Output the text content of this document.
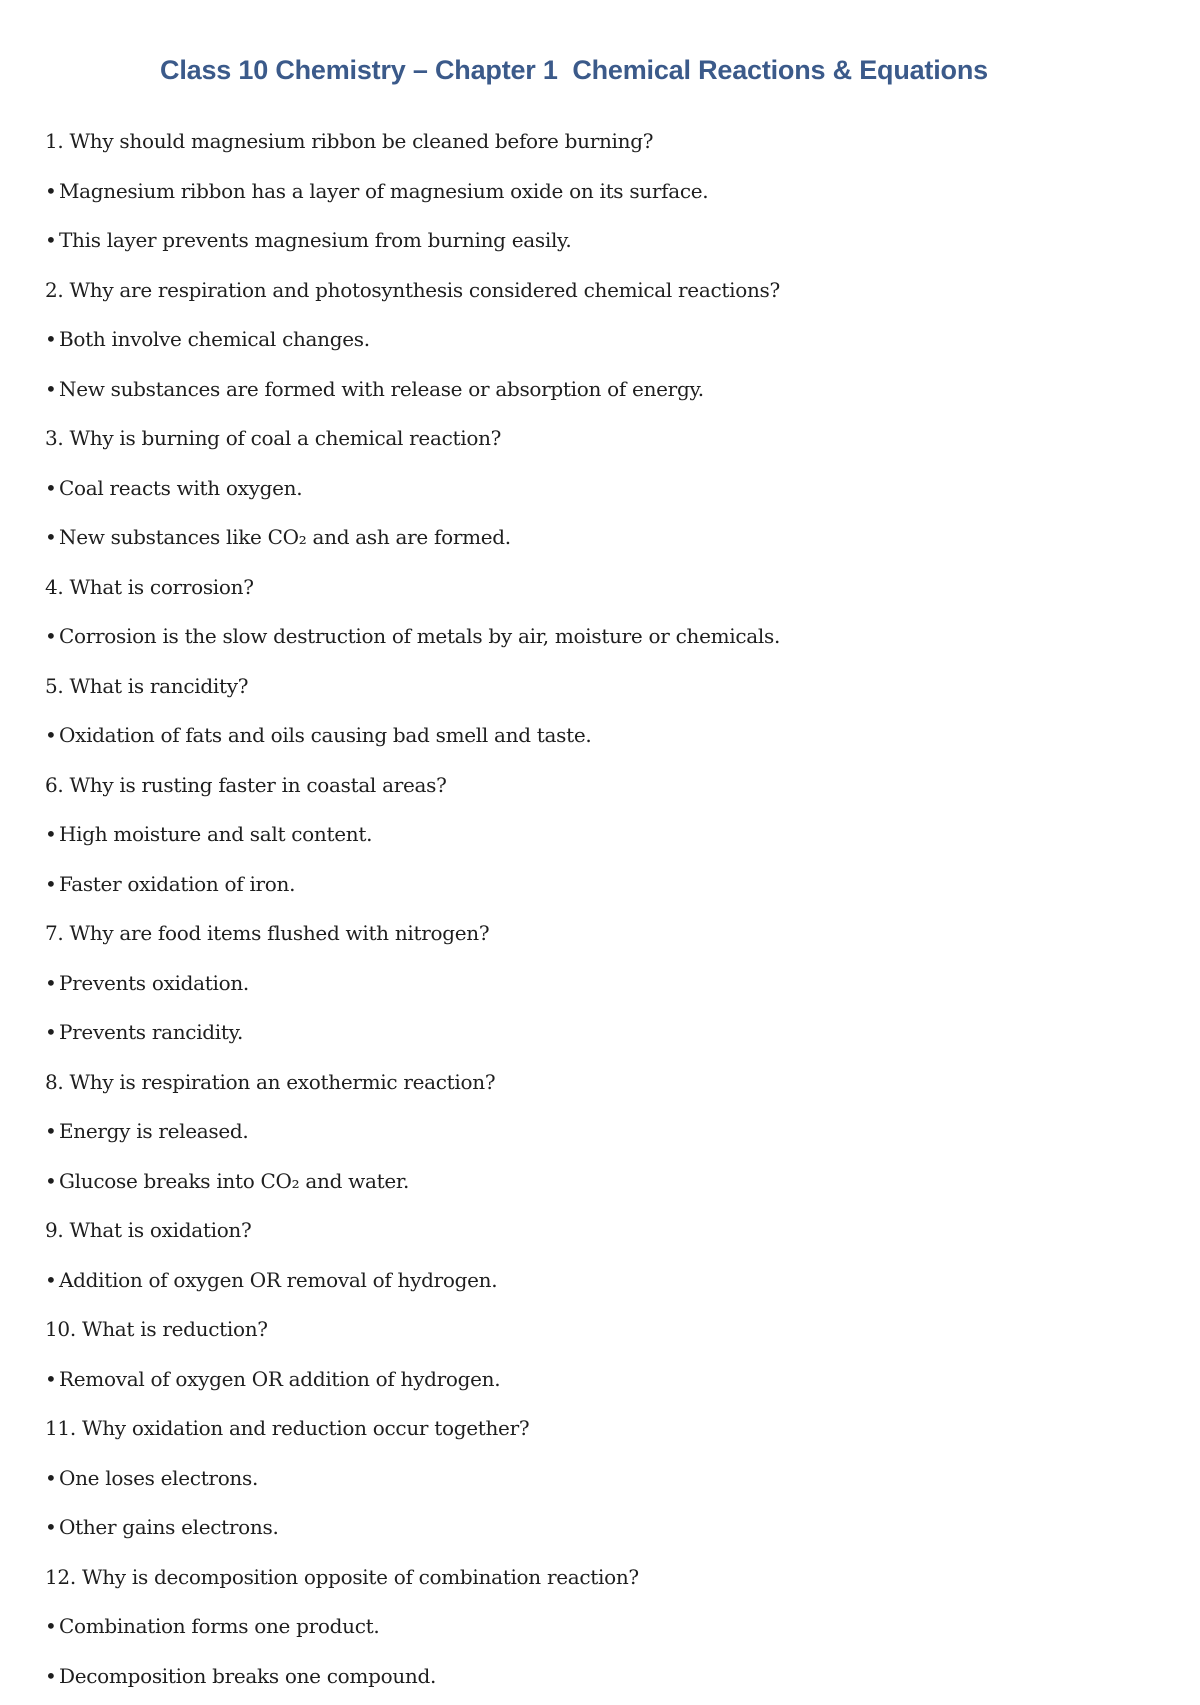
Class 10 Chemistry – Chapter 1  Chemical Reactions & Equations
1. Why should magnesium ribbon be cleaned before burning?
• Magnesium ribbon has a layer of magnesium oxide on its surface.
• This layer prevents magnesium from burning easily.
2. Why are respiration and photosynthesis considered chemical reactions?
• Both involve chemical changes.
• New substances are formed with release or absorption of energy.
3. Why is burning of coal a chemical reaction?
• Coal reacts with oxygen.
• New substances like CO₂ and ash are formed.
4. What is corrosion?
• Corrosion is the slow destruction of metals by air, moisture or chemicals.
5. What is rancidity?
• Oxidation of fats and oils causing bad smell and taste.
6. Why is rusting faster in coastal areas?
• High moisture and salt content.
• Faster oxidation of iron.
7. Why are food items flushed with nitrogen?
• Prevents oxidation.
• Prevents rancidity.
8. Why is respiration an exothermic reaction?
• Energy is released.
• Glucose breaks into CO₂ and water.
9. What is oxidation?
• Addition of oxygen OR removal of hydrogen.
10. What is reduction?
• Removal of oxygen OR addition of hydrogen.
11. Why oxidation and reduction occur together?
• One loses electrons.
• Other gains electrons.
12. Why is decomposition opposite of combination reaction?
• Combination forms one product.
• Decomposition breaks one compound.
